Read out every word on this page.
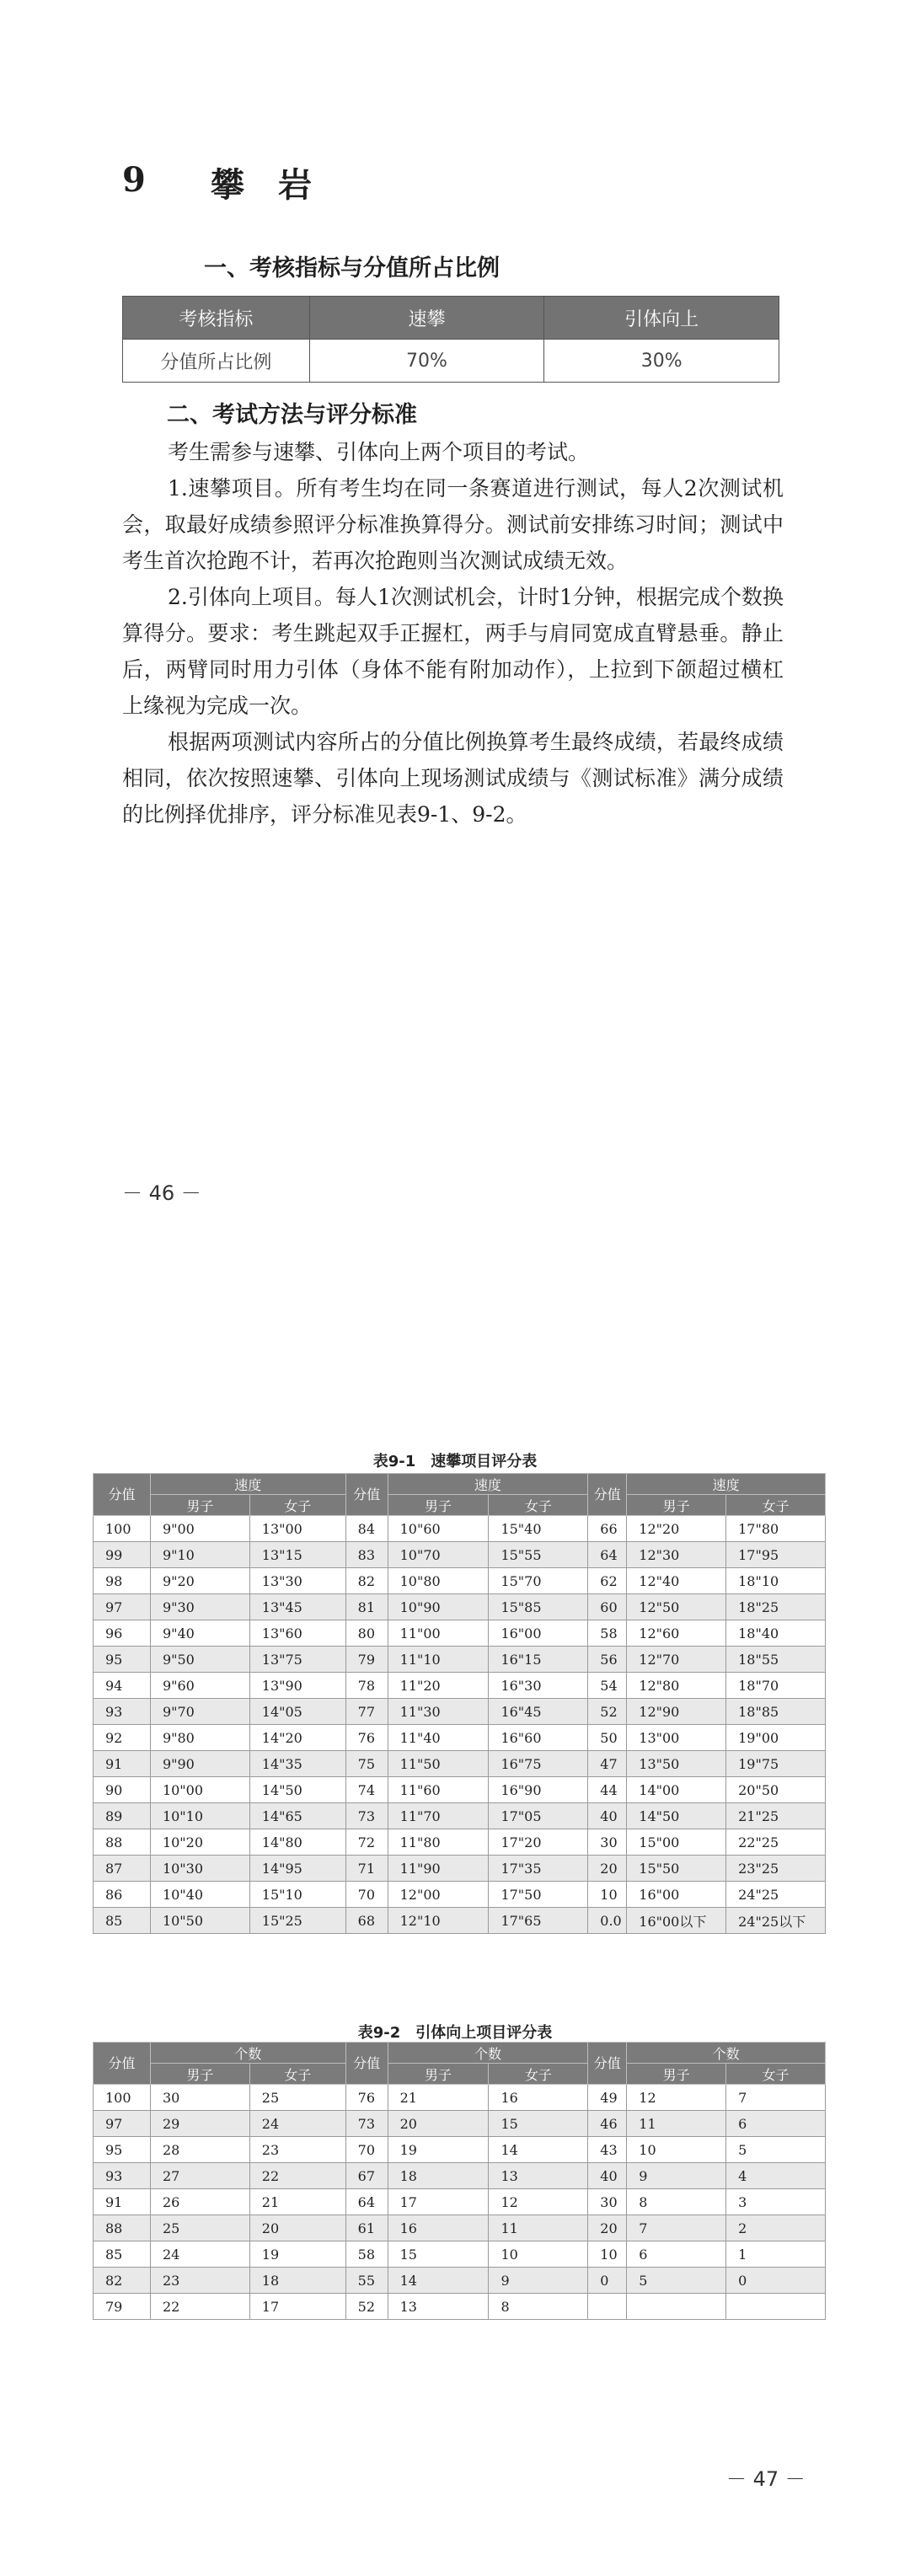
9 攀岩
一、考核指标与分值所占比例
考核指标	速攀	引体向上
分值所占比例	70%	30%
二、考试方法与评分标准

考生需参与速攀、引体向上两个项目的考试。

1.速攀项目。所有考生均在同一条赛道进行测试，每人2次测试机会，取最好成绩参照评分标准换算得分。测试前安排练习时间；测试中考生首次抢跑不计，若再次抢跑则当次测试成绩无效。

2.引体向上项目。每人1次测试机会，计时1分钟，根据完成个数换算得分。要求：考生跳起双手正握杠，两手与肩同宽成直臂悬垂。静止后，两臂同时用力引体（身体不能有附加动作），上拉到下颌超过横杠上缘视为完成一次。

根据两项测试内容所占的分值比例换算考生最终成绩，若最终成绩相同，依次按照速攀、引体向上现场测试成绩与《测试标准》满分成绩的比例择优排序，评分标准见表9-1、9-2。

－ 46 －
表9-1　速攀项目评分表
分值	速度		分值	速度		分值	速度	
	男子	女子		男子	女子		男子	女子
100	9"00	13"00	84	10"60	15"40	66	12"20	17"80
99	9"10	13"15	83	10"70	15"55	64	12"30	17"95
98	9"20	13"30	82	10"80	15"70	62	12"40	18"10
97	9"30	13"45	81	10"90	15"85	60	12"50	18"25
96	9"40	13"60	80	11"00	16"00	58	12"60	18"40
95	9"50	13"75	79	11"10	16"15	56	12"70	18"55
94	9"60	13"90	78	11"20	16"30	54	12"80	18"70
93	9"70	14"05	77	11"30	16"45	52	12"90	18"85
92	9"80	14"20	76	11"40	16"60	50	13"00	19"00
91	9"90	14"35	75	11"50	16"75	47	13"50	19"75
90	10"00	14"50	74	11"60	16"90	44	14"00	20"50
89	10"10	14"65	73	11"70	17"05	40	14"50	21"25
88	10"20	14"80	72	11"80	17"20	30	15"00	22"25
87	10"30	14"95	71	11"90	17"35	20	15"50	23"25
86	10"40	15"10	70	12"00	17"50	10	16"00	24"25
85	10"50	15"25	68	12"10	17"65	0.0	16"00以下	24"25以下
表9-2　引体向上项目评分表
分值	个数		分值	个数		分值	个数	
	男子	女子		男子	女子		男子	女子
100	30	25	76	21	16	49	12	7
97	29	24	73	20	15	46	11	6
95	28	23	70	19	14	43	10	5
93	27	22	67	18	13	40	9	4
91	26	21	64	17	12	30	8	3
88	25	20	61	16	11	20	7	2
85	24	19	58	15	10	10	6	1
82	23	18	55	14	9	0	5	0
79	22	17	52	13	8			
－ 47 －
